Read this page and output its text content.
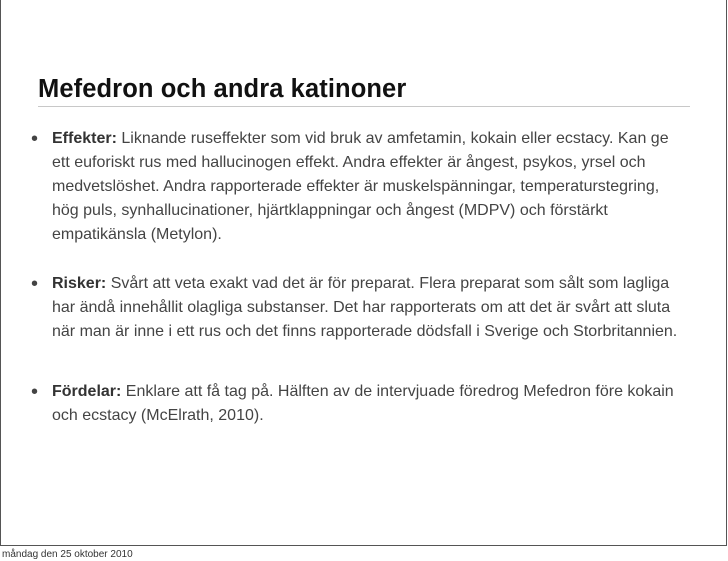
Mefedron och andra katinoner
• Effekter: Liknande ruseffekter som vid bruk av amfetamin, kokain eller ecstacy. Kan ge ett euforiskt rus med hallucinogen effekt. Andra effekter är ångest, psykos, yrsel och medvetslöshet. Andra rapporterade effekter är muskelspänningar, temperaturstegring, hög puls, synhallucinationer, hjärtklappningar och ångest (MDPV) och förstärkt empatikänsla (Metylon).
• Risker: Svårt att veta exakt vad det är för preparat. Flera preparat som sålt som lagliga har ändå innehållit olagliga substanser. Det har rapporterats om att det är svårt att sluta när man är inne i ett rus och det finns rapporterade dödsfall i Sverige och Storbritannien.
• Fördelar: Enklare att få tag på. Hälften av de intervjuade föredrog Mefedron före kokain och ecstacy (McElrath, 2010).
måndag den 25 oktober 2010
